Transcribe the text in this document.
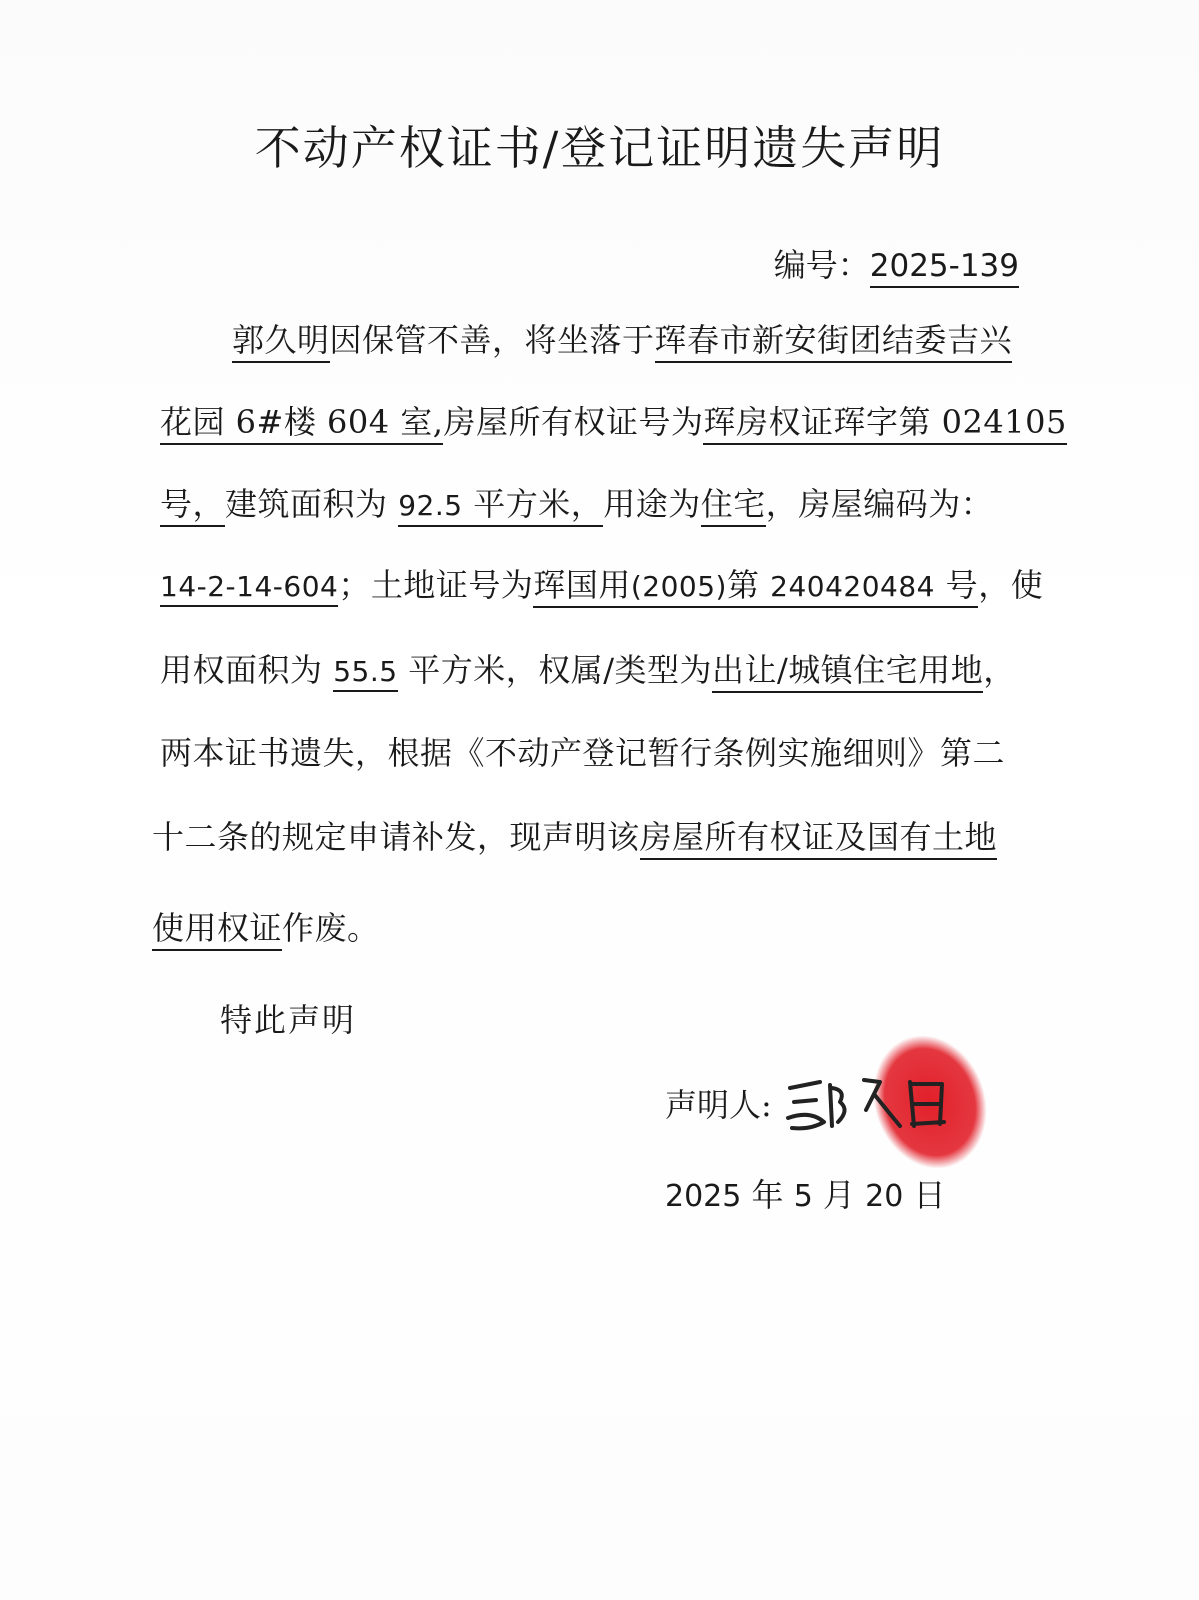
不动产权证书/登记证明遗失声明
编号：2025-139
郭久明因保管不善，将坐落于珲春市新安街团结委吉兴
花园 6#楼 604 室,房屋所有权证号为珲房权证珲字第 024105
号，建筑面积为 92.5 平方米，用途为住宅，房屋编码为：
14-2-14-604；土地证号为珲国用(2005)第 240420484 号，使
用权面积为 55.5 平方米，权属/类型为出让/城镇住宅用地，
两本证书遗失，根据《不动产登记暂行条例实施细则》第二
十二条的规定申请补发，现声明该房屋所有权证及国有土地
使用权证作废。
特此声明
声明人:
2025 年 5 月 20 日
